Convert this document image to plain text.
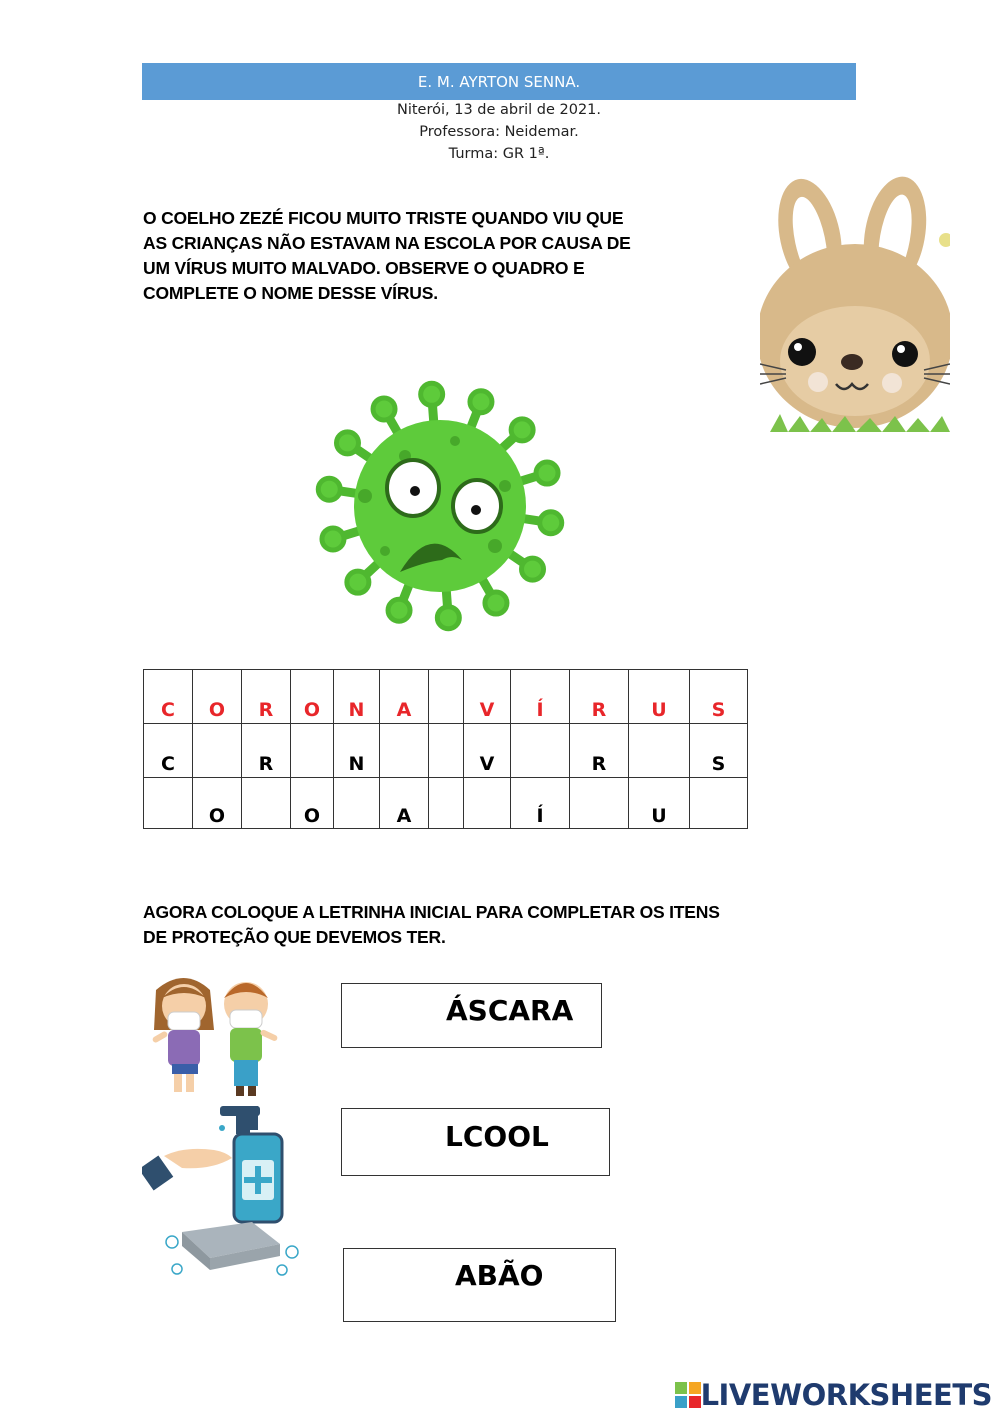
E. M. AYRTON SENNA.
Niterói, 13 de abril de 2021.
Professora: Neidemar.
Turma: GR 1ª.
O COELHO ZEZÉ FICOU MUITO TRISTE QUANDO VIU QUE
AS CRIANÇAS NÃO ESTAVAM NA ESCOLA POR CAUSA DE
UM VÍRUS MUITO MALVADO. OBSERVE O QUADRO E
COMPLETE O NOME DESSE VÍRUS.
C	O	R	O	N	A		V	Í	R	U	S
C		R		N			V		R		S
	O		O		A			Í		U	
AGORA COLOQUE A LETRINHA INICIAL PARA COMPLETAR OS ITENS
DE PROTEÇÃO QUE DEVEMOS TER.
ÁSCARA
LCOOL
ABÃO
LIVEWORKSHEETS
